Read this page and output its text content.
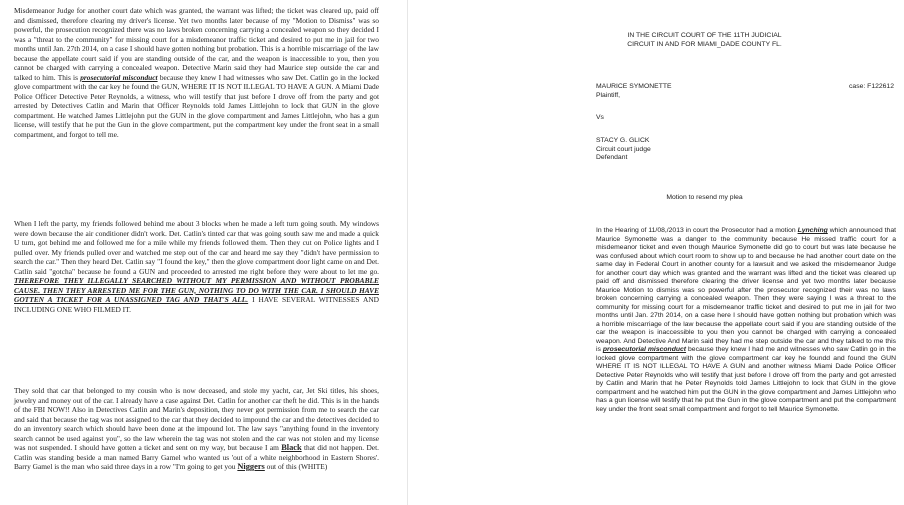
Misdemeanor Judge for another court date which was granted, the warrant was lifted; the ticket was cleared up, paid off and dismissed, therefore clearing my driver's license. Yet two months later because of my "Motion to Dismiss" was so powerful, the prosecution recognized there was no laws broken concerning carrying a concealed weapon so they decided I was a "threat to the community" for missing court for a misdemeanor traffic ticket and desired to put me in jail for two months until Jan. 27th 2014, on a case I should have gotten nothing but probation. This is a horrible miscarriage of the law because the appellate court said if you are standing outside of the car, and the weapon is inaccessible to you, then you cannot be charged with carrying a concealed weapon. Detective Marin said they had Maurice step outside the car and talked to him. This is prosecutorial misconduct because they knew I had witnesses who saw Det. Catlin go in the locked glove compartment with the car key he found the GUN, WHERE IT IS NOT ILLEGAL TO HAVE A GUN. A Miami Dade Police Officer Detective Peter Reynolds, a witness, who will testify that just before I drove off from the party and got arrested by Detectives Catlin and Marin that Officer Reynolds told James Littlejohn to lock that GUN in the glove compartment. He watched James Littlejohn put the GUN in the glove compartment and James Littlejohn, who has a gun license, will testify that he put the Gun in the glove compartment, put the compartment key under the front seat in a small compartment, and forgot to tell me.
When I left the party, my friends followed behind me about 3 blocks when he made a left turn going south. My windows were down because the air conditioner didn't work. Det. Catlin's tinted car that was going south saw me and made a quick U turn, got behind me and followed me for a mile while my friends followed them. Then they cut on Police lights and I pulled over. My friends pulled over and watched me step out of the car and heard me say they "didn't have permission to search the car." Then they heard Det. Catlin say "I found the key," then the glove compartment door light came on and Det. Catlin said "gotcha" because he found a GUN and proceeded to arrested me right before they were about to let me go. THEREFORE THEY ILLEGALLY SEARCHED WITHOUT MY PERMISSION AND WITHOUT PROBABLE CAUSE. THEN THEY ARRESTED ME FOR THE GUN, NOTHING TO DO WITH THE CAR. I SHOULD HAVE GOTTEN A TICKET FOR A UNASSIGNED TAG AND THAT'S ALL. I HAVE SEVERAL WITNESSES AND INCLUDING ONE WHO FILMED IT.
They sold that car that belonged to my cousin who is now deceased, and stole my yacht, car, Jet Ski titles, his shoes, jewelry and money out of the car. I already have a case against Det. Catlin for another car theft he did. This is in the hands of the FBI NOW!! Also in Detectives Catlin and Marin's deposition, they never got permission from me to search the car and said that because the tag was not assigned to the car that they decided to impound the car and the detectives decided to do an inventory search which should have been done at the impound lot. The law says "anything found in the inventory search cannot be used against you", so the law wherein the tag was not stolen and the car was not stolen and my license was not suspended. I should have gotten a ticket and sent on my way, but because I am Black that did not happen. Det. Catlin was standing beside a man named Barry Gamel who wanted us 'out of a white neighborhood in Eastern Shores'. Barry Gamel is the man who said three days in a row "I'm going to get you Niggers out of this (WHITE)
IN THE CIRCUIT COURT OF THE 11TH JUDICIAL
CIRCUIT IN AND FOR MIAMI_DADE COUNTY FL.
MAURICE SYMONETTE
Plaintiff,
case: F122612
Vs
STACY G. GLICK
Circuit court judge
Defendant
Motion to resend my plea
In the Hearing of 11/08,/2013 in court the Prosecutor had a motion Lynching which announced that Maurice Symonette was a danger to the community because He missed traffic court for a misdemeanor ticket and even though Maurice Symonette did go to court but was late because he was confused about which court room to show up to and because he had another court date on the same day in Federal Court in another county for a lawsuit and we asked the misdemeanor Judge for another court day which was granted and the warrant was lifted and the ticket was cleared up paid off and dismissed therefore clearing the driver license and yet two months later because Maurice Motion to dismiss was so powerful after the prosecutor recognized their was no laws broken concerning carrying a concealed weapon. Then they were saying I was a threat to the community for missing court for a misdemeanor traffic ticket and desired to put me in jail for two months until Jan. 27th 2014, on a case here I should have gotten nothing but probation which was a horrible miscarriage of the law because the appellate court said if you are standing outside of the car the weapon is inaccessible to you then you cannot be charged with carrying a concealed weapon. And Detective And Marin said they had me step outside the car and they talked to me this is prosecutorial misconduct because they knew I had me and witnesses who saw Catlin go in the locked glove compartment with the glove compartment car key he foundd and found the GUN WHERE IT IS NOT ILLEGAL TO HAVE A GUN and another witness Miami Dade Police Officer Detective Peter Reynolds who will testify that just before I drove off from the party and got arrested by Catlin and Marin that he Peter Reynolds told James Littlejohn to lock that GUN in the glove compartment and he watched him put the GUN in the glove compartment and James Littlejohn who has a gun license will testify that he put the Gun in the glove compartment and put the compartment key under the front seat small compartment and forgot to tell Maurice Symonette.
